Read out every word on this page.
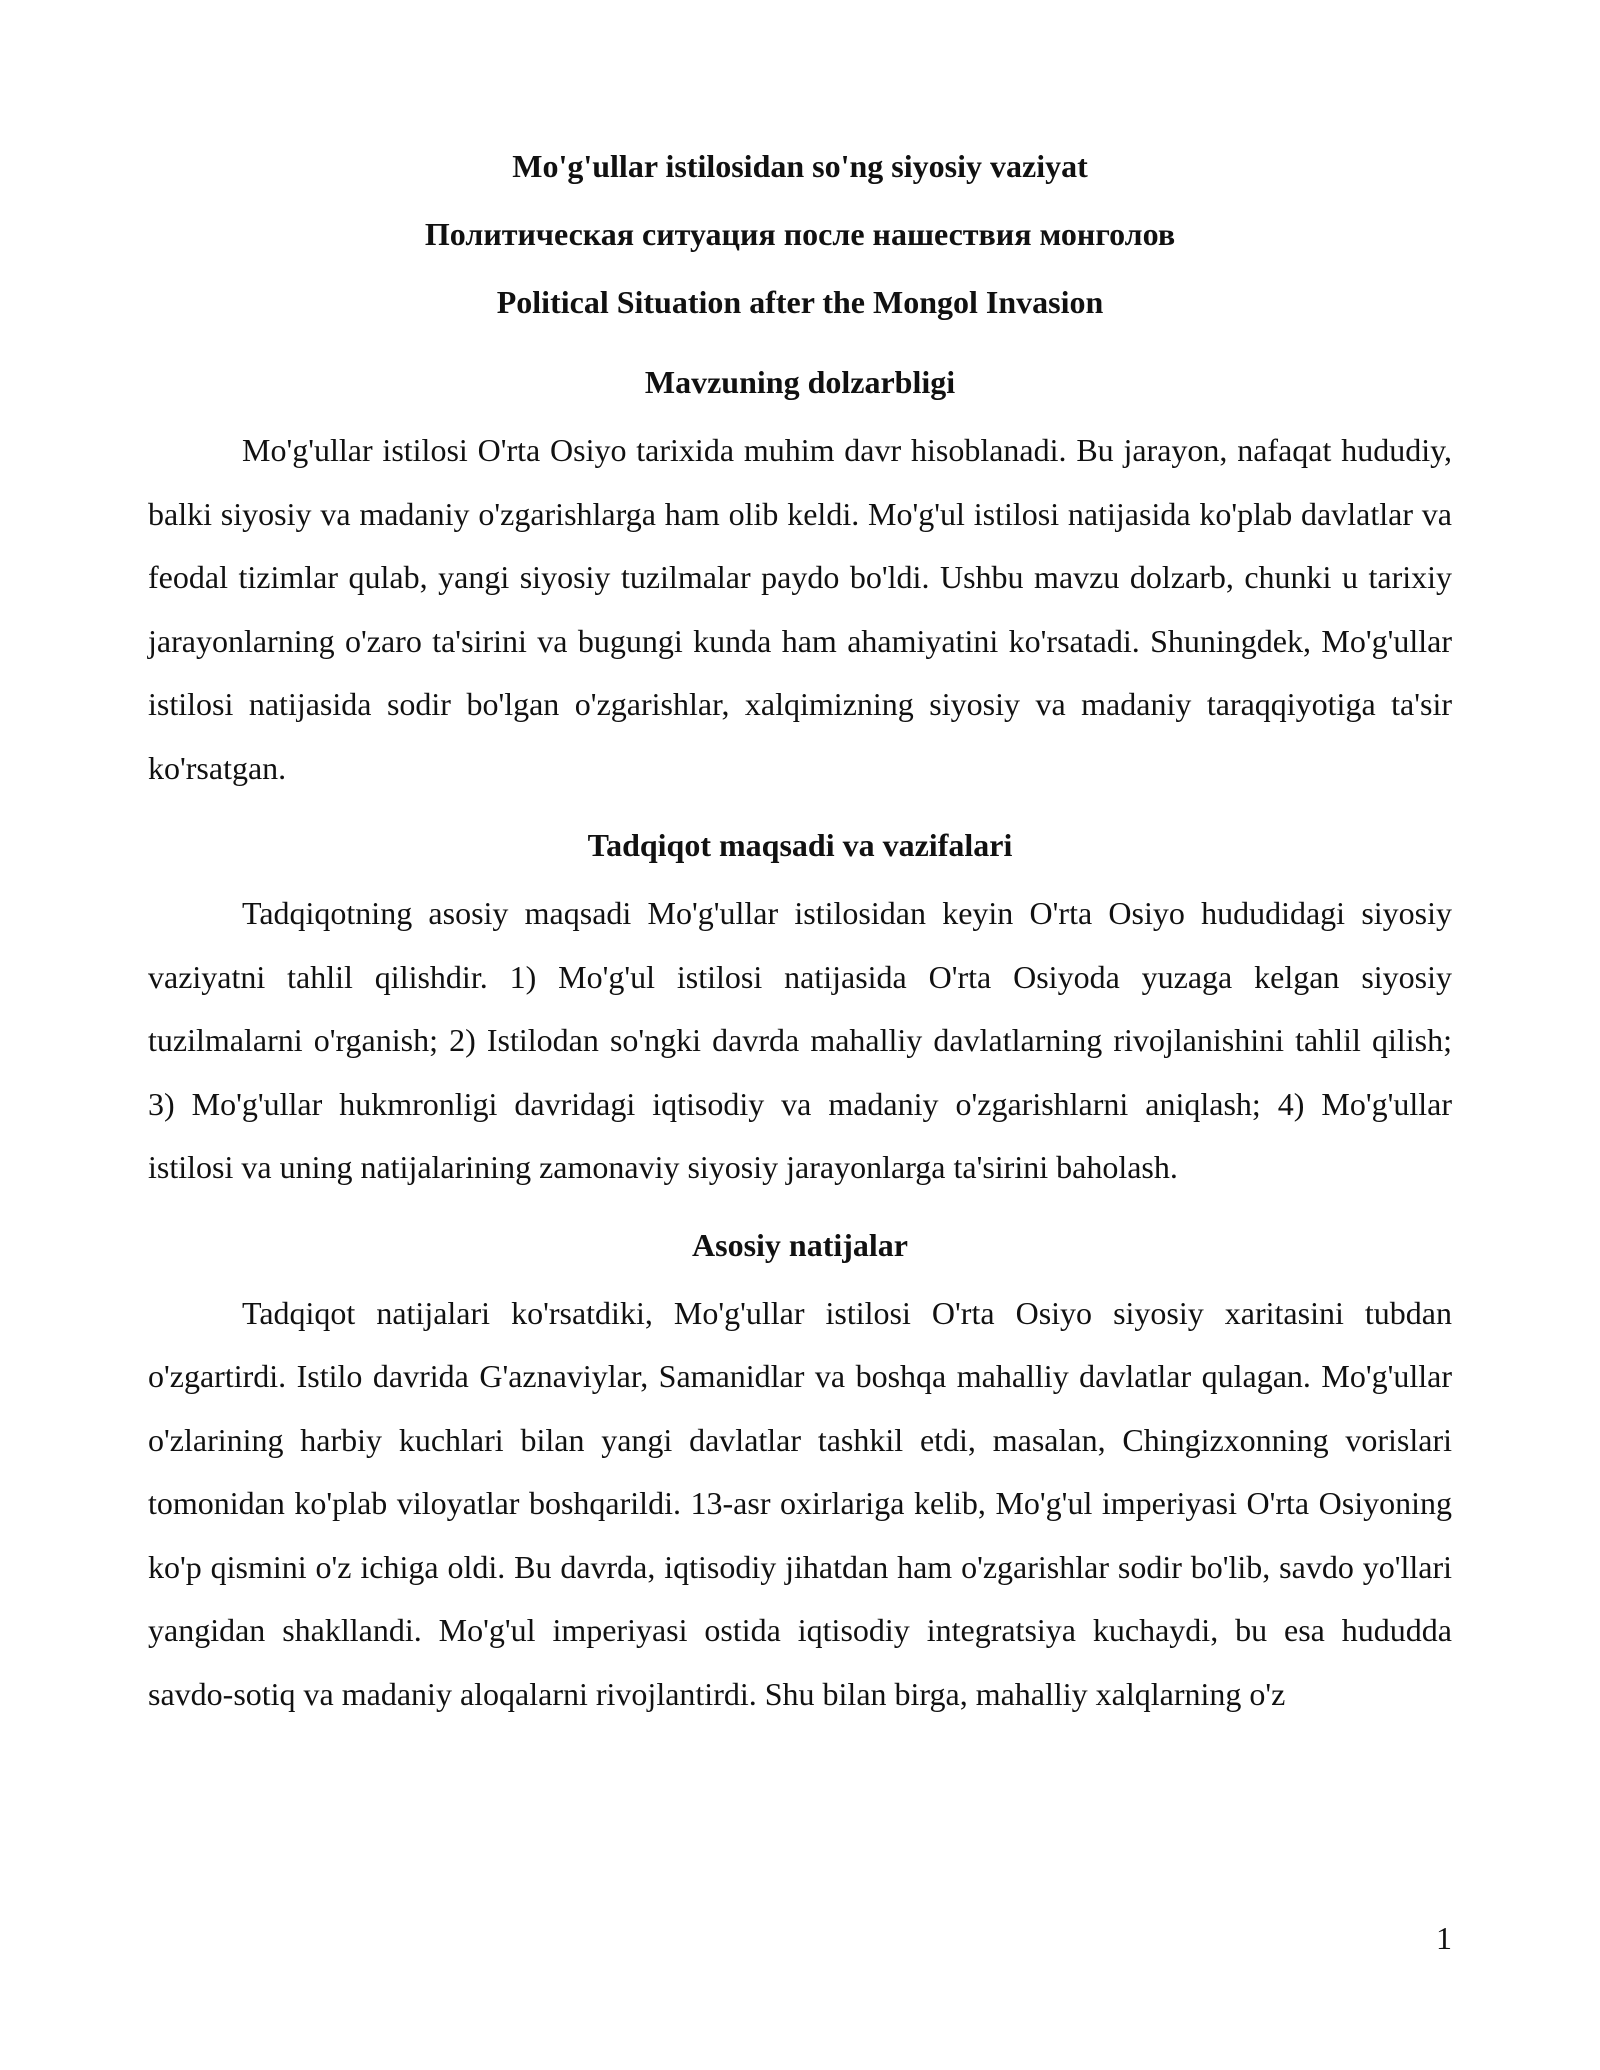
Mo'g'ullar istilosidan so'ng siyosiy vaziyat
Политическая ситуация после нашествия монголов
Political Situation after the Mongol Invasion
Mavzuning dolzarbligi

Mo'g'ullar istilosi O'rta Osiyo tarixida muhim davr hisoblanadi. Bu jarayon, nafaqat hududiy, balki siyosiy va madaniy o'zgarishlarga ham olib keldi. Mo'g'ul istilosi natijasida ko'plab davlatlar va feodal tizimlar qulab, yangi siyosiy tuzilmalar paydo bo'ldi. Ushbu mavzu dolzarb, chunki u tarixiy jarayonlarning o'zaro ta'sirini va bugungi kunda ham ahamiyatini ko'rsatadi. Shuningdek, Mo'g'ullar istilosi natijasida sodir bo'lgan o'zgarishlar, xalqimizning siyosiy va madaniy taraqqiyotiga ta'sir ko'rsatgan.

Tadqiqot maqsadi va vazifalari

Tadqiqotning asosiy maqsadi Mo'g'ullar istilosidan keyin O'rta Osiyo hududidagi siyosiy vaziyatni tahlil qilishdir. 1) Mo'g'ul istilosi natijasida O'rta Osiyoda yuzaga kelgan siyosiy tuzilmalarni o'rganish; 2) Istilodan so'ngki davrda mahalliy davlatlarning rivojlanishini tahlil qilish; 3) Mo'g'ullar hukmronligi davridagi iqtisodiy va madaniy o'zgarishlarni aniqlash; 4) Mo'g'ullar istilosi va uning natijalarining zamonaviy siyosiy jarayonlarga ta'sirini baholash.

Asosiy natijalar

Tadqiqot natijalari ko'rsatdiki, Mo'g'ullar istilosi O'rta Osiyo siyosiy xaritasini tubdan o'zgartirdi. Istilo davrida G'aznaviylar, Samanidlar va boshqa mahalliy davlatlar qulagan. Mo'g'ullar o'zlarining harbiy kuchlari bilan yangi davlatlar tashkil etdi, masalan, Chingizxonning vorislari tomonidan ko'plab viloyatlar boshqarildi. 13-asr oxirlariga kelib, Mo'g'ul imperiyasi O'rta Osiyoning ko'p qismini o'z ichiga oldi. Bu davrda, iqtisodiy jihatdan ham o'zgarishlar sodir bo'lib, savdo yo'llari yangidan shakllandi. Mo'g'ul imperiyasi ostida iqtisodiy integratsiya kuchaydi, bu esa hududda savdo-sotiq va madaniy aloqalarni rivojlantirdi. Shu bilan birga, mahalliy xalqlarning o'z

1
